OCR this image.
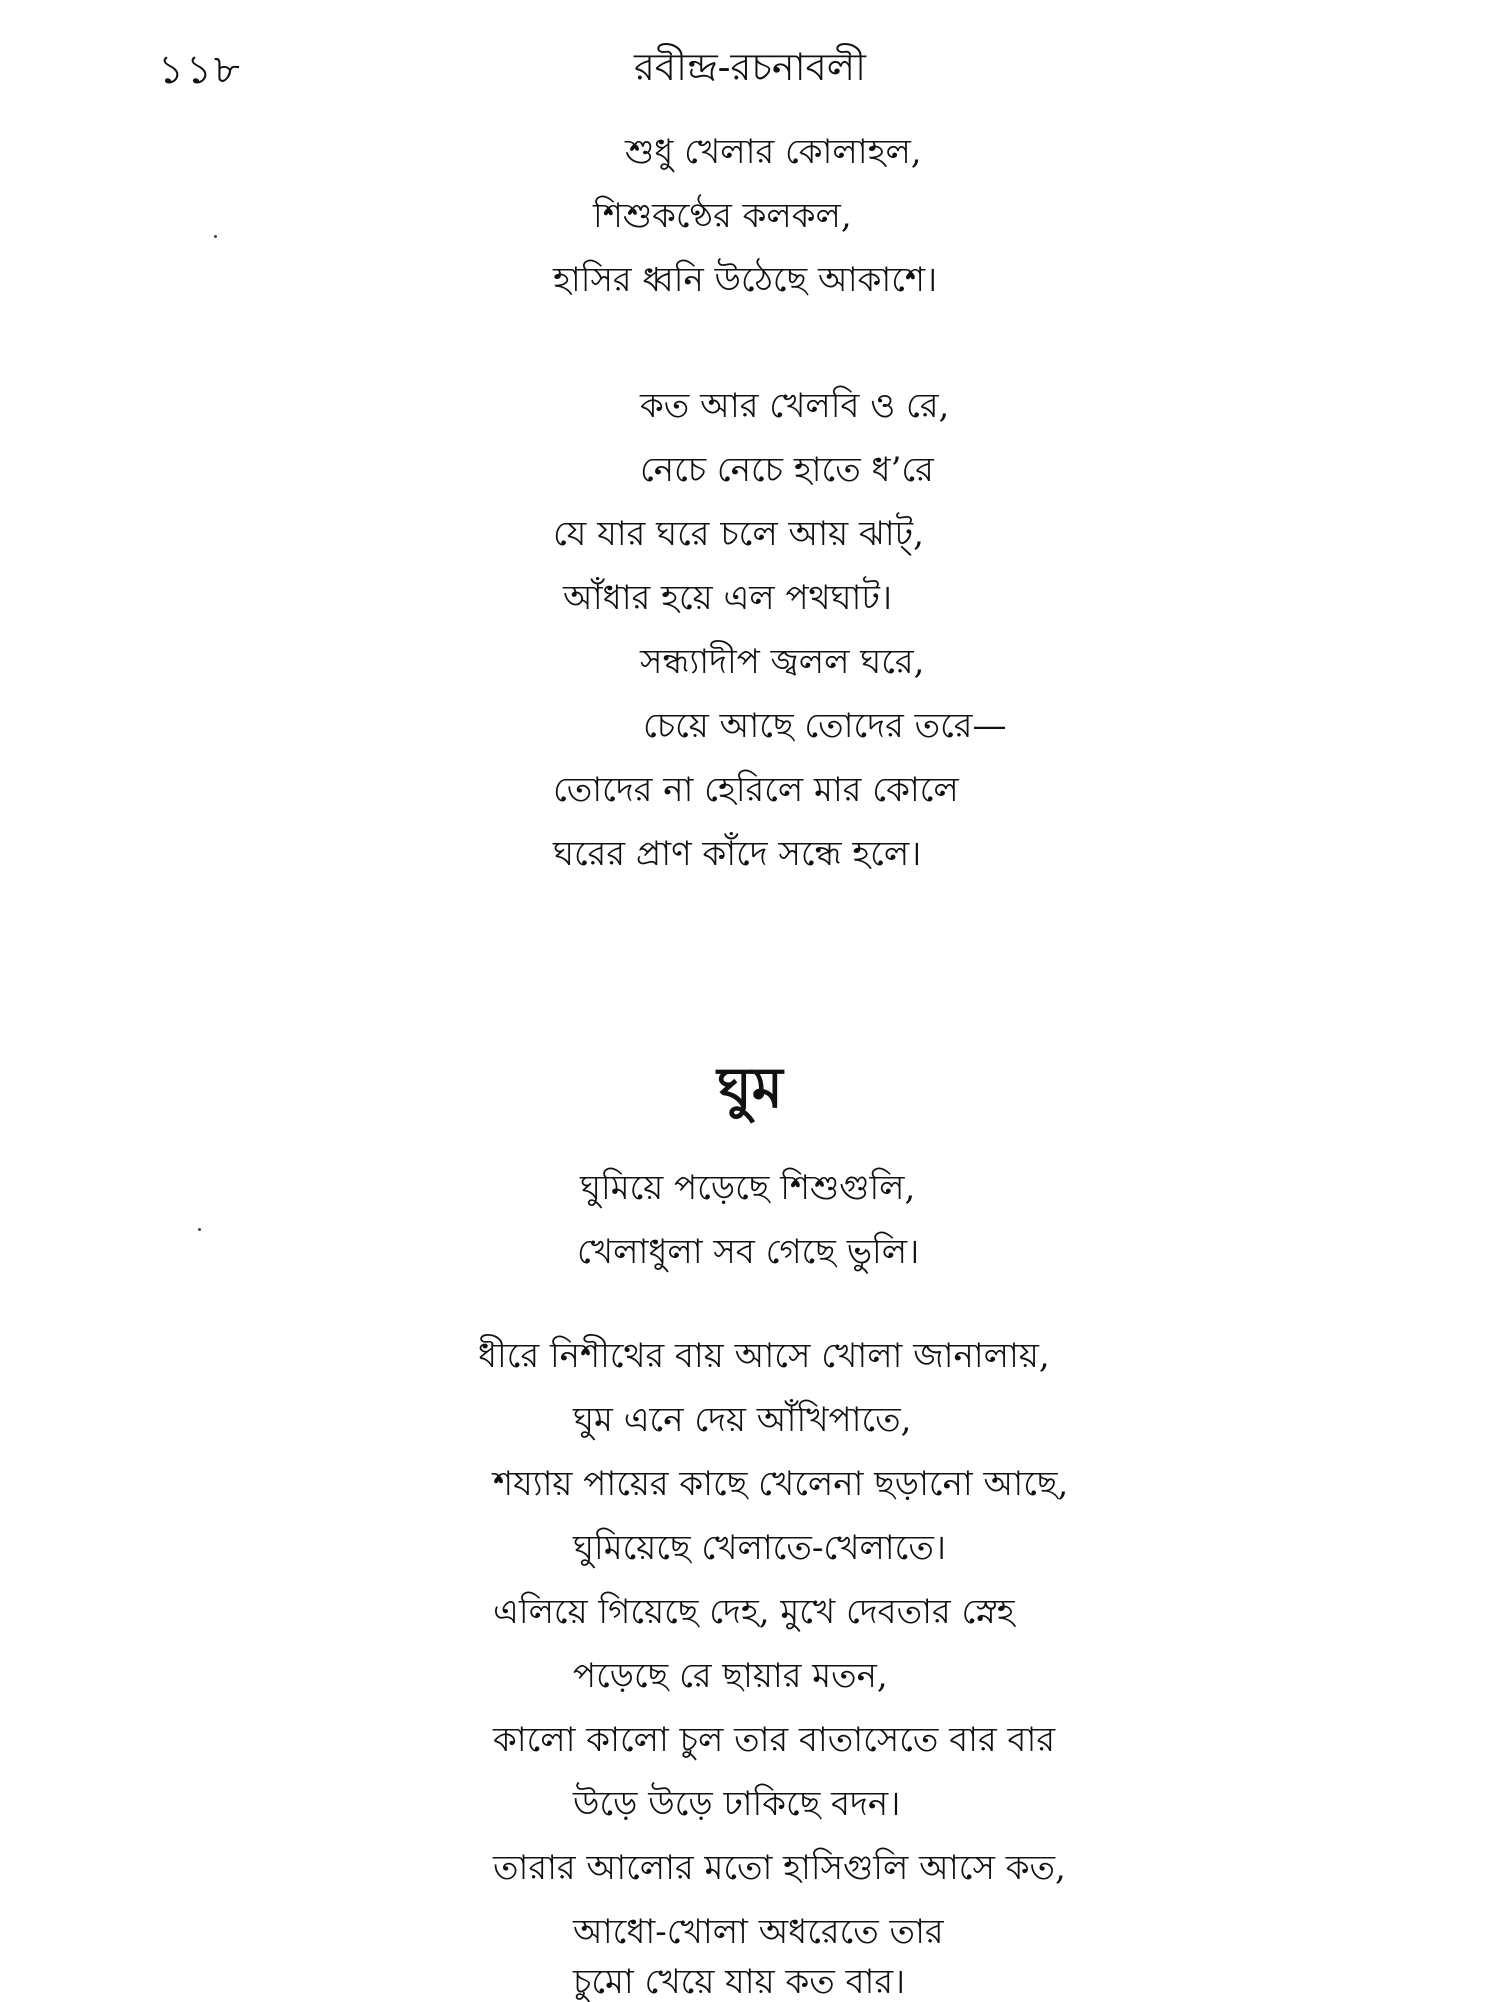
১১৮	রবীন্দ্র-রচনাবলী
শুধু খেলার কোলাহল,
শিশুকণ্ঠের কলকল,
হাসির ধ্বনি উঠেছে আকাশে।
কত আর খেলবি ও রে,
নেচে নেচে হাতে ধ’রে
যে যার ঘরে চলে আয় ঝাট্‌,
আঁধার হয়ে এল পথঘাট।
সন্ধ্যাদীপ জ্বলল ঘরে,
চেয়ে আছে তোদের তরে—
তোদের না হেরিলে মার কোলে
ঘরের প্রাণ কাঁদে সন্ধে হলে।
ঘুম
ঘুমিয়ে পড়েছে শিশুগুলি,
খেলাধুলা সব গেছে ভুলি।
ধীরে নিশীথের বায় আসে খোলা জানালায়,
ঘুম এনে দেয় আঁখিপাতে,
শয্যায় পায়ের কাছে খেলেনা ছড়ানো আছে,
ঘুমিয়েছে খেলাতে-খেলাতে।
এলিয়ে গিয়েছে দেহ, মুখে দেবতার স্নেহ
পড়েছে রে ছায়ার মতন,
কালো কালো চুল তার বাতাসেতে বার বার
উড়ে উড়ে ঢাকিছে বদন।
তারার আলোর মতো হাসিগুলি আসে কত,
আধো-খোলা অধরেতে তার
চুমো খেয়ে যায় কত বার।
